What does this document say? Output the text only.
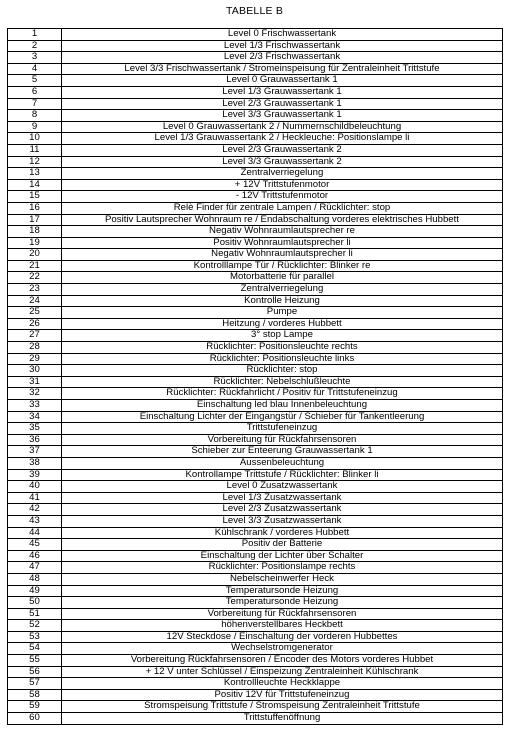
TABELLE B
1	Level 0 Frischwassertank
2	Level 1/3 Frischwassertank
3	Level 2/3 Frischwassertank
4	Level 3/3 Frischwassertank / Stromeinspeisung für Zentraleinheit Trittstufe
5	Level 0 Grauwassertank 1
6	Level 1/3 Grauwassertank 1
7	Level 2/3 Grauwassertank 1
8	Level 3/3 Grauwassertank 1
9	Level 0 Grauwassertank 2 / Nummernschildbeleuchtung
10	Level 1/3 Grauwassertank 2 / Heckleuche: Positionslampe li
11	Level 2/3 Grauwassertank 2
12	Level 3/3 Grauwassertank 2
13	Zentralverriegelung
14	+ 12V Trittstufenmotor
15	- 12V Trittstufenmotor
16	Relè Finder für zentrale Lampen / Rücklichter: stop
17	Positiv Lautsprecher Wohnraum re / Endabschaltung vorderes elektrisches Hubbett
18	Negativ Wohnraumlautsprecher re
19	Positiv Wohnraumlautsprecher li
20	Negativ Wohnraumlautsprecher li
21	Kontrolllampe Tür / Rücklichter: Blinker re
22	Motorbatterie für parallel
23	Zentralverriegelung
24	Kontrolle Heizung
25	Pumpe
26	Heitzung / vorderes Hubbett
27	3° stop Lampe
28	Rücklichter: Positionsleuchte rechts
29	Rücklichter: Positionsleuchte links
30	Rücklichter: stop
31	Rücklichter: Nebelschlußleuchte
32	Rücklichter: Rückfahrlicht / Positiv für Trittstufeneinzug
33	Einschaltung led blau Innenbeleuchtung
34	Einschaltung Lichter der Eingangstür / Schieber für Tankentleerung
35	Trittstufeneinzug
36	Vorbereitung für Rückfahrsensoren
37	Schieber zur Enteerung Grauwassertank 1
38	Aussenbeleuchtung
39	Kontrollampe Trittstufe / Rücklichter: Blinker li
40	Level 0 Zusatzwassertank
41	Level 1/3 Zusatzwassertank
42	Level 2/3 Zusatzwassertank
43	Level 3/3 Zusatzwassertank
44	Kühlschrank / vorderes Hubbett
45	Positiv der Batterie
46	Einschaltung der Lichter über Schalter
47	Rücklichter: Positionslampe rechts
48	Nebelscheinwerfer Heck
49	Temperatursonde Heizung
50	Temperatursonde Heizung
51	Vorbereitung für Rückfahrsensoren
52	höhenverstellbares Heckbett
53	12V Steckdose / Einschaltung der vorderen Hubbettes
54	Wechselstromgenerator
55	Vorbereitung Rückfahrsensoren / Encoder des Motors vorderes Hubbet
56	+ 12 V unter Schlüssel / Einspeizung Zentraleinheit Kühlschrank
57	Kontrollleuchte Heckklappe
58	Positiv 12V für Trittstufeneinzug
59	Stromspeisung Trittstufe / Stromspeisung Zentraleinheit Trittstufe
60	Trittstuffenöffnung
